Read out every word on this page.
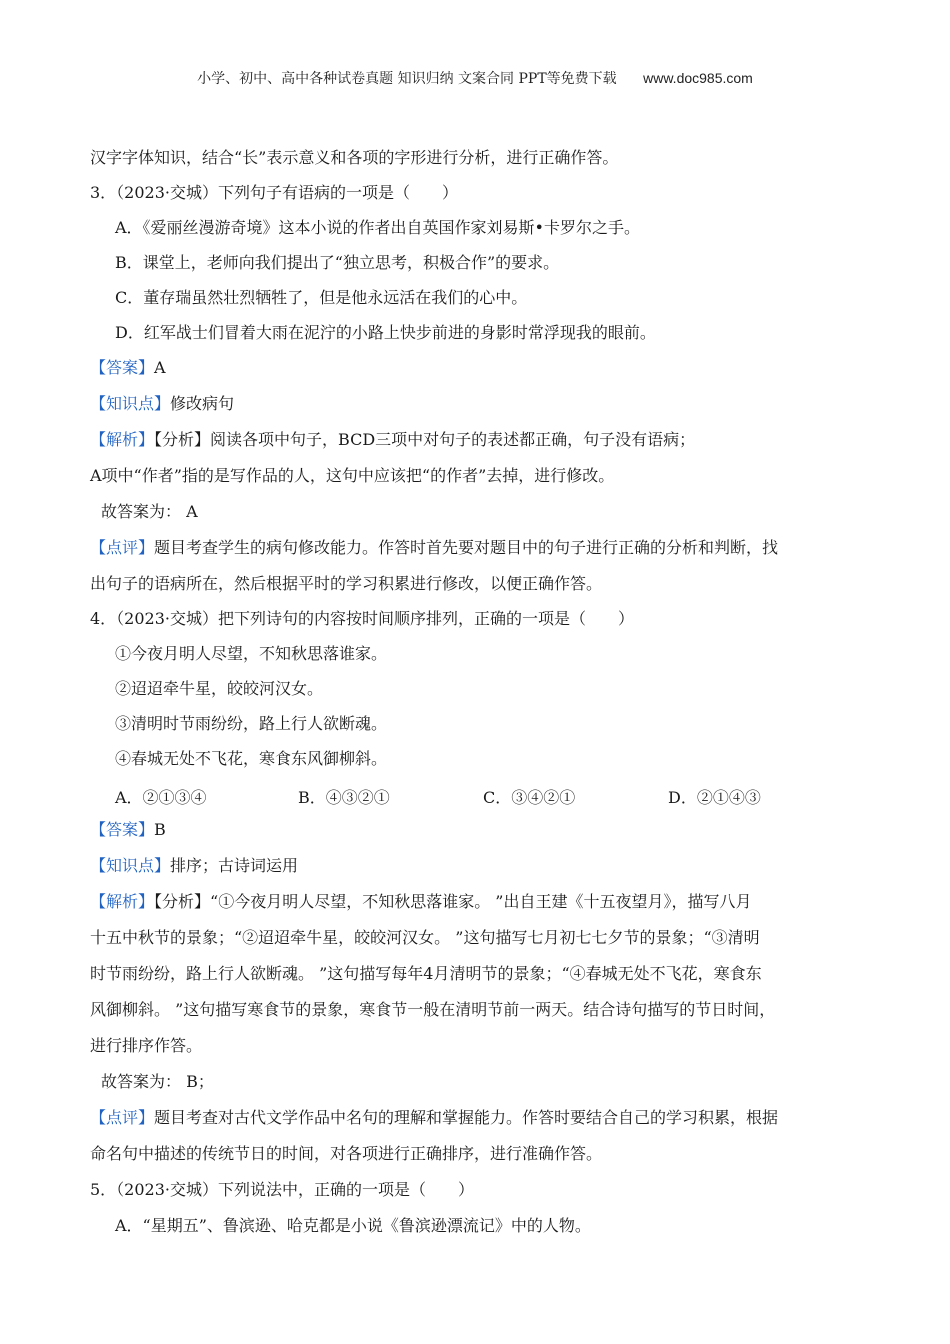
小学、初中、高中各种试卷真题 知识归纳 文案合同 PPT等免费下载 www.doc985.com
汉字字体知识，结合“长”表示意义和各项的字形进行分析，进行正确作答。
3．（2023·交城）下列句子有语病的一项是（　　）
A．《爱丽丝漫游奇境》这本小说的作者出自英国作家刘易斯•卡罗尔之手。
B．课堂上，老师向我们提出了“独立思考，积极合作”的要求。
C．董存瑞虽然壮烈牺牲了，但是他永远活在我们的心中。
D．红军战士们冒着大雨在泥泞的小路上快步前进的身影时常浮现我的眼前。
【答案】A
【知识点】修改病句
【解析】【分析】阅读各项中句子，BCD三项中对句子的表述都正确，句子没有语病；
A项中“作者”指的是写作品的人，这句中应该把“的作者”去掉，进行修改。
故答案为： A
【点评】题目考查学生的病句修改能力。作答时首先要对题目中的句子进行正确的分析和判断，找
出句子的语病所在，然后根据平时的学习积累进行修改，以便正确作答。
4．（2023·交城）把下列诗句的内容按时间顺序排列，正确的一项是（　　）
①今夜月明人尽望，不知秋思落谁家。
②迢迢牵牛星，皎皎河汉女。
③清明时节雨纷纷，路上行人欲断魂。
④春城无处不飞花，寒食东风御柳斜。
A．②①③④	B．④③②①	C．③④②①	D．②①④③
【答案】B
【知识点】排序；古诗词运用
【解析】【分析】“①今夜月明人尽望，不知秋思落谁家。 ”出自王建《十五夜望月》，描写八月
十五中秋节的景象；“②迢迢牵牛星，皎皎河汉女。 ”这句描写七月初七七夕节的景象；“③清明
时节雨纷纷，路上行人欲断魂。 ”这句描写每年4月清明节的景象；“④春城无处不飞花，寒食东
风御柳斜。 ”这句描写寒食节的景象，寒食节一般在清明节前一两天。结合诗句描写的节日时间，
进行排序作答。
故答案为： B；
【点评】题目考查对古代文学作品中名句的理解和掌握能力。作答时要结合自己的学习积累，根据
命名句中描述的传统节日的时间，对各项进行正确排序，进行准确作答。
5．（2023·交城）下列说法中，正确的一项是（　　）
A．“星期五”、鲁滨逊、哈克都是小说《鲁滨逊漂流记》中的人物。
